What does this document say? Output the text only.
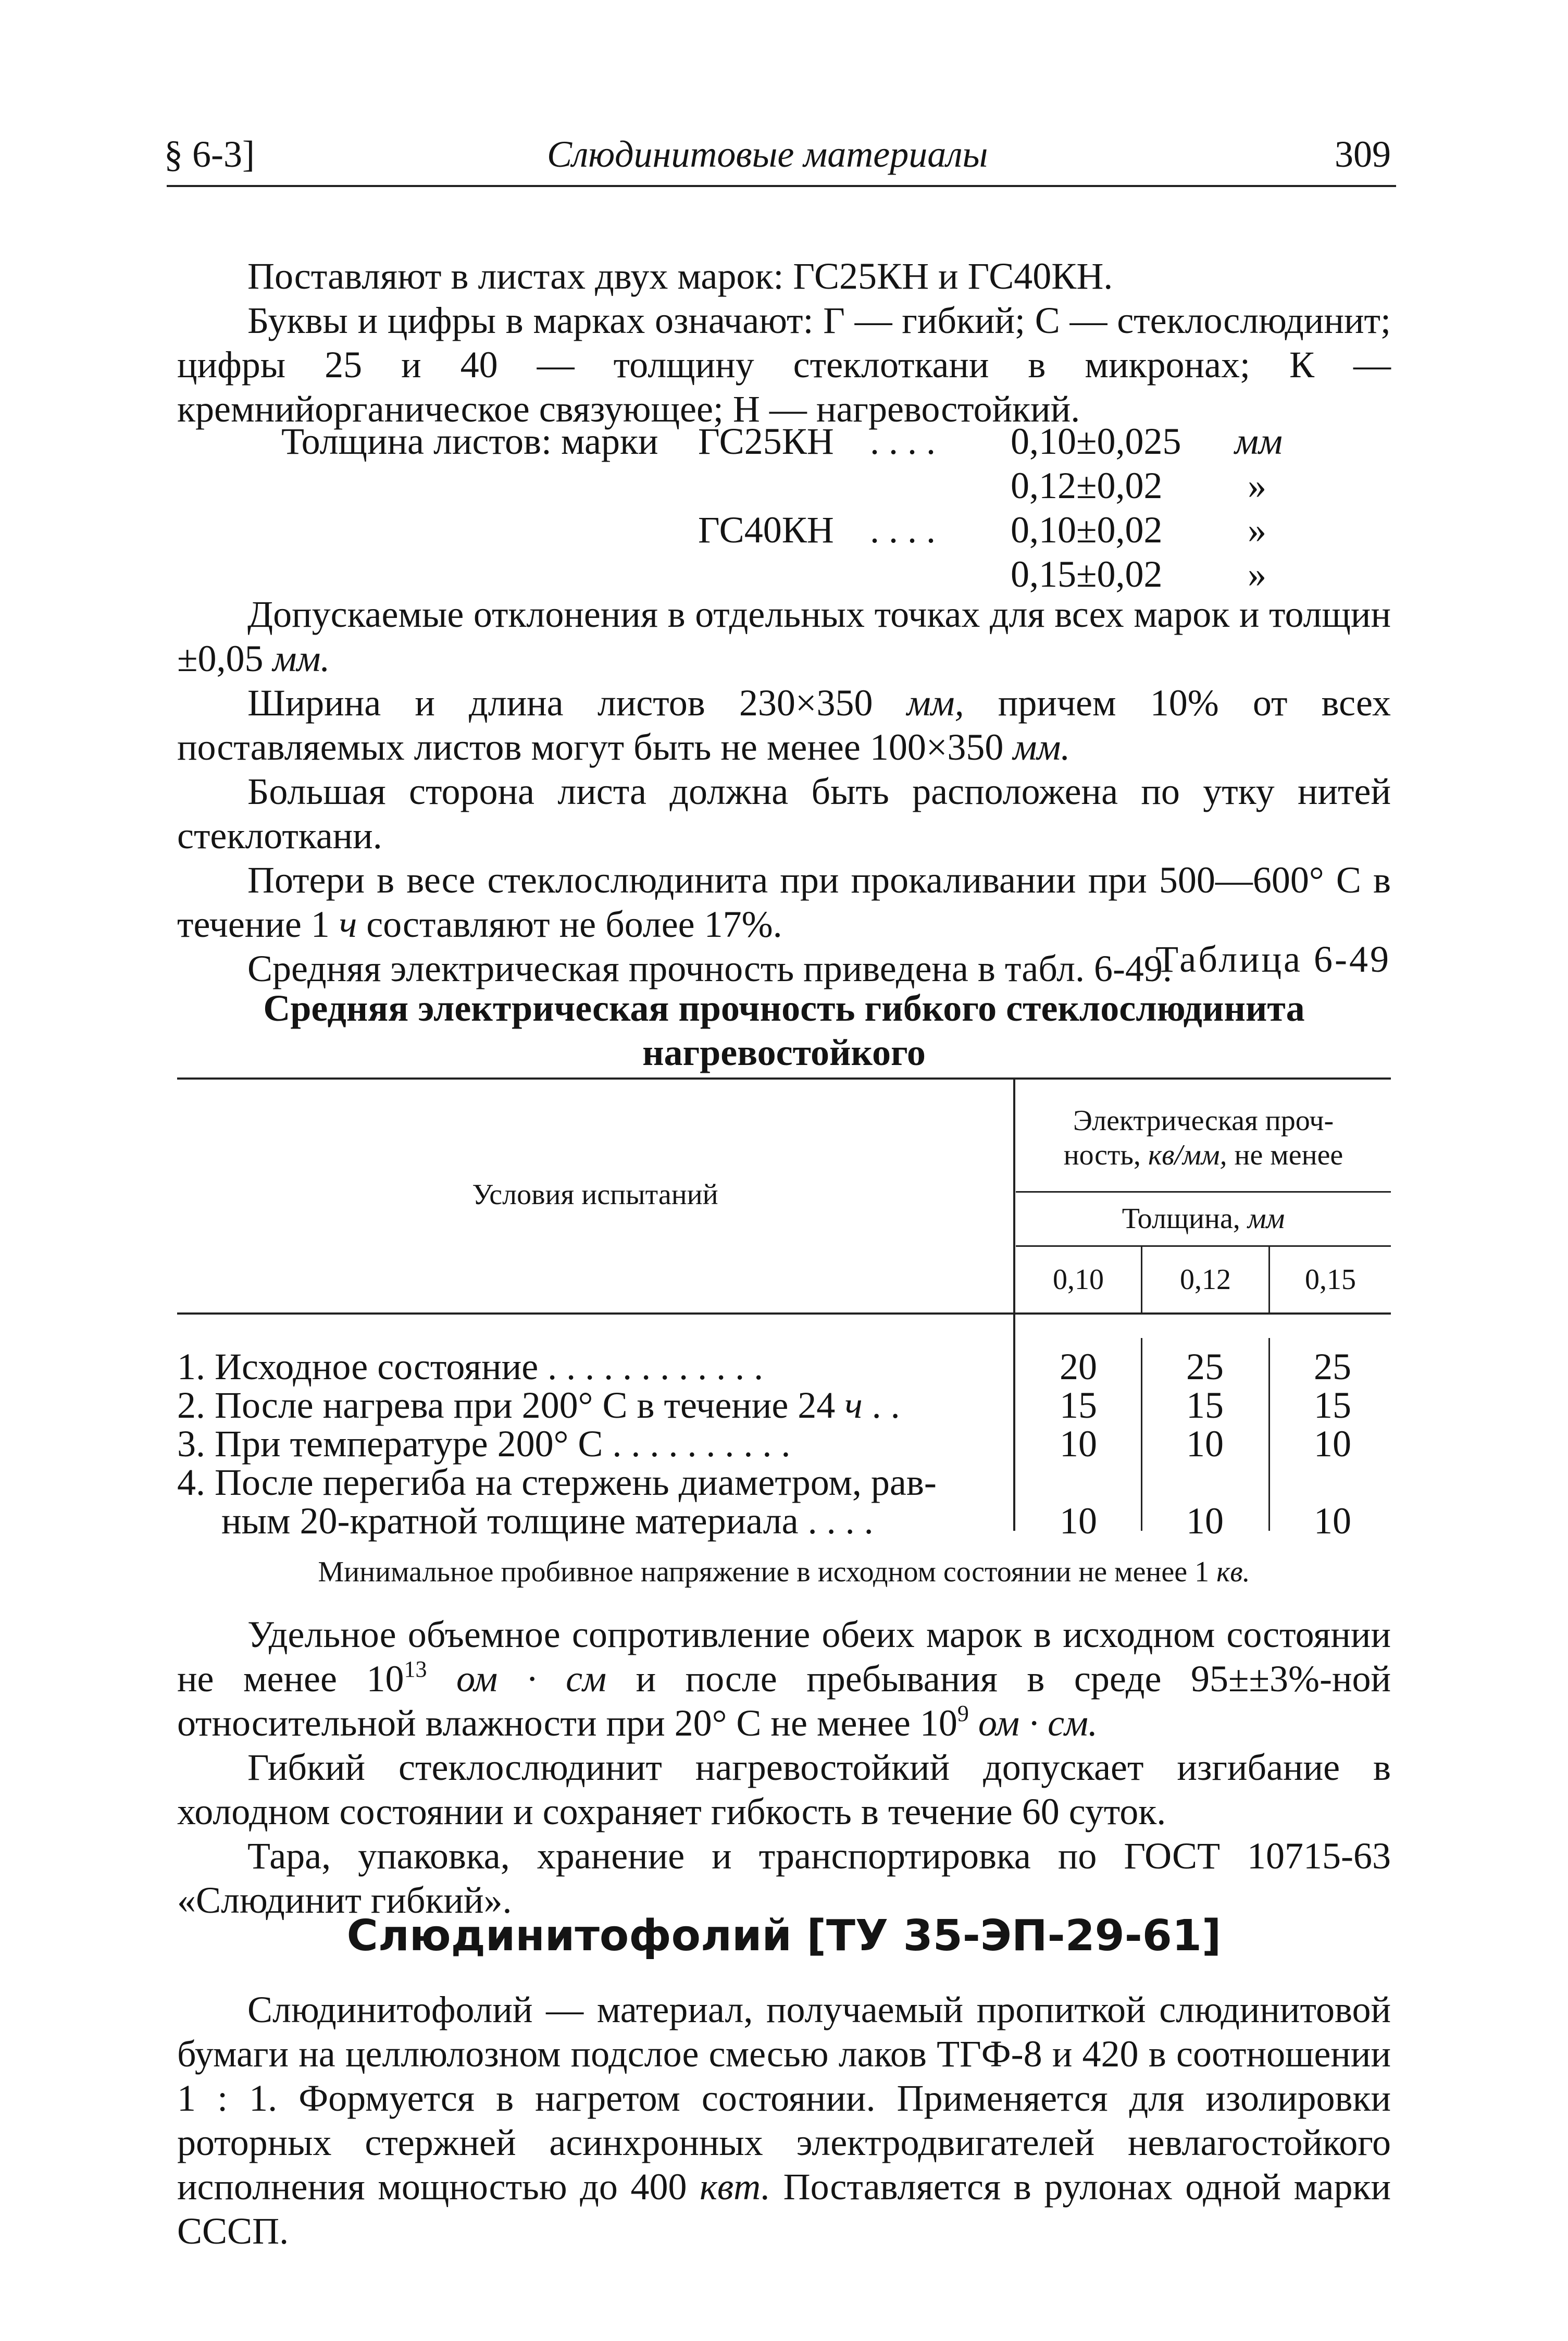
§ 6-3]	Слюдинитовые материалы	309

Поставляют в листах двух марок: ГС25КН и ГС40КН.

Буквы и цифры в марках означают: Г — гибкий; С — стеклослюдинит; цифры 25 и 40 — толщину стеклоткани в микронах; К — кремнийорганическое связующее; Н — нагревостойкий.

Толщина листов: марки ГС25КН . . . . 0,10±0,025 мм
0,12±0,02 »
ГС40КН . . . . 0,10±0,02 »
0,15±0,02 »

Допускаемые отклонения в отдельных точках для всех марок и толщин ±0,05 мм.

Ширина и длина листов 230×350 мм, причем 10% от всех поставляемых листов могут быть не менее 100×350 мм.

Большая сторона листа должна быть расположена по утку нитей стеклоткани.

Потери в весе стеклослюдинита при прокаливании при 500—600° С в течение 1 ч составляют не более 17%.

Средняя электрическая прочность приведена в табл. 6-49.

Таблица 6-49
Средняя электрическая прочность гибкого стеклослюдинита нагревостойкого
Условия испытаний
Электрическая проч-
ность, кв/мм, не менее
Толщина, мм
0,10	0,12	0,15
1. Исходное состояние . . . . . . . . . . . .	20	25	25
2. После нагрева при 200° С в течение 24 ч . .	15	15	15
3. При температуре 200° С . . . . . . . . . .	10	10	10
4. После перегиба на стержень диаметром, рав-
ным 20-кратной толщине материала . . . .	10	10	10
Минимальное пробивное напряжение в исходном состоянии не менее 1 кв.

Удельное объемное сопротивление обеих марок в исходном состоянии не менее $10^{13}$ ом · см и после пребывания в среде 95±±3%-ной относительной влажности при 20° С не менее $10^9$ ом · см.

Гибкий стеклослюдинит нагревостойкий допускает изгибание в холодном состоянии и сохраняет гибкость в течение 60 суток.

Тара, упаковка, хранение и транспортировка по ГОСТ 10715-63 «Слюдинит гибкий».

Слюдинитофолий [ТУ 35-ЭП-29-61]

Слюдинитофолий — материал, получаемый пропиткой слюдинитовой бумаги на целлюлозном подслое смесью лаков ТГФ-8 и 420 в соотношении 1 : 1. Формуется в нагретом состоянии. Применяется для изолировки роторных стержней асинхронных электродвигателей невлагостойкого исполнения мощностью до 400 квт. Поставляется в рулонах одной марки СССП.
